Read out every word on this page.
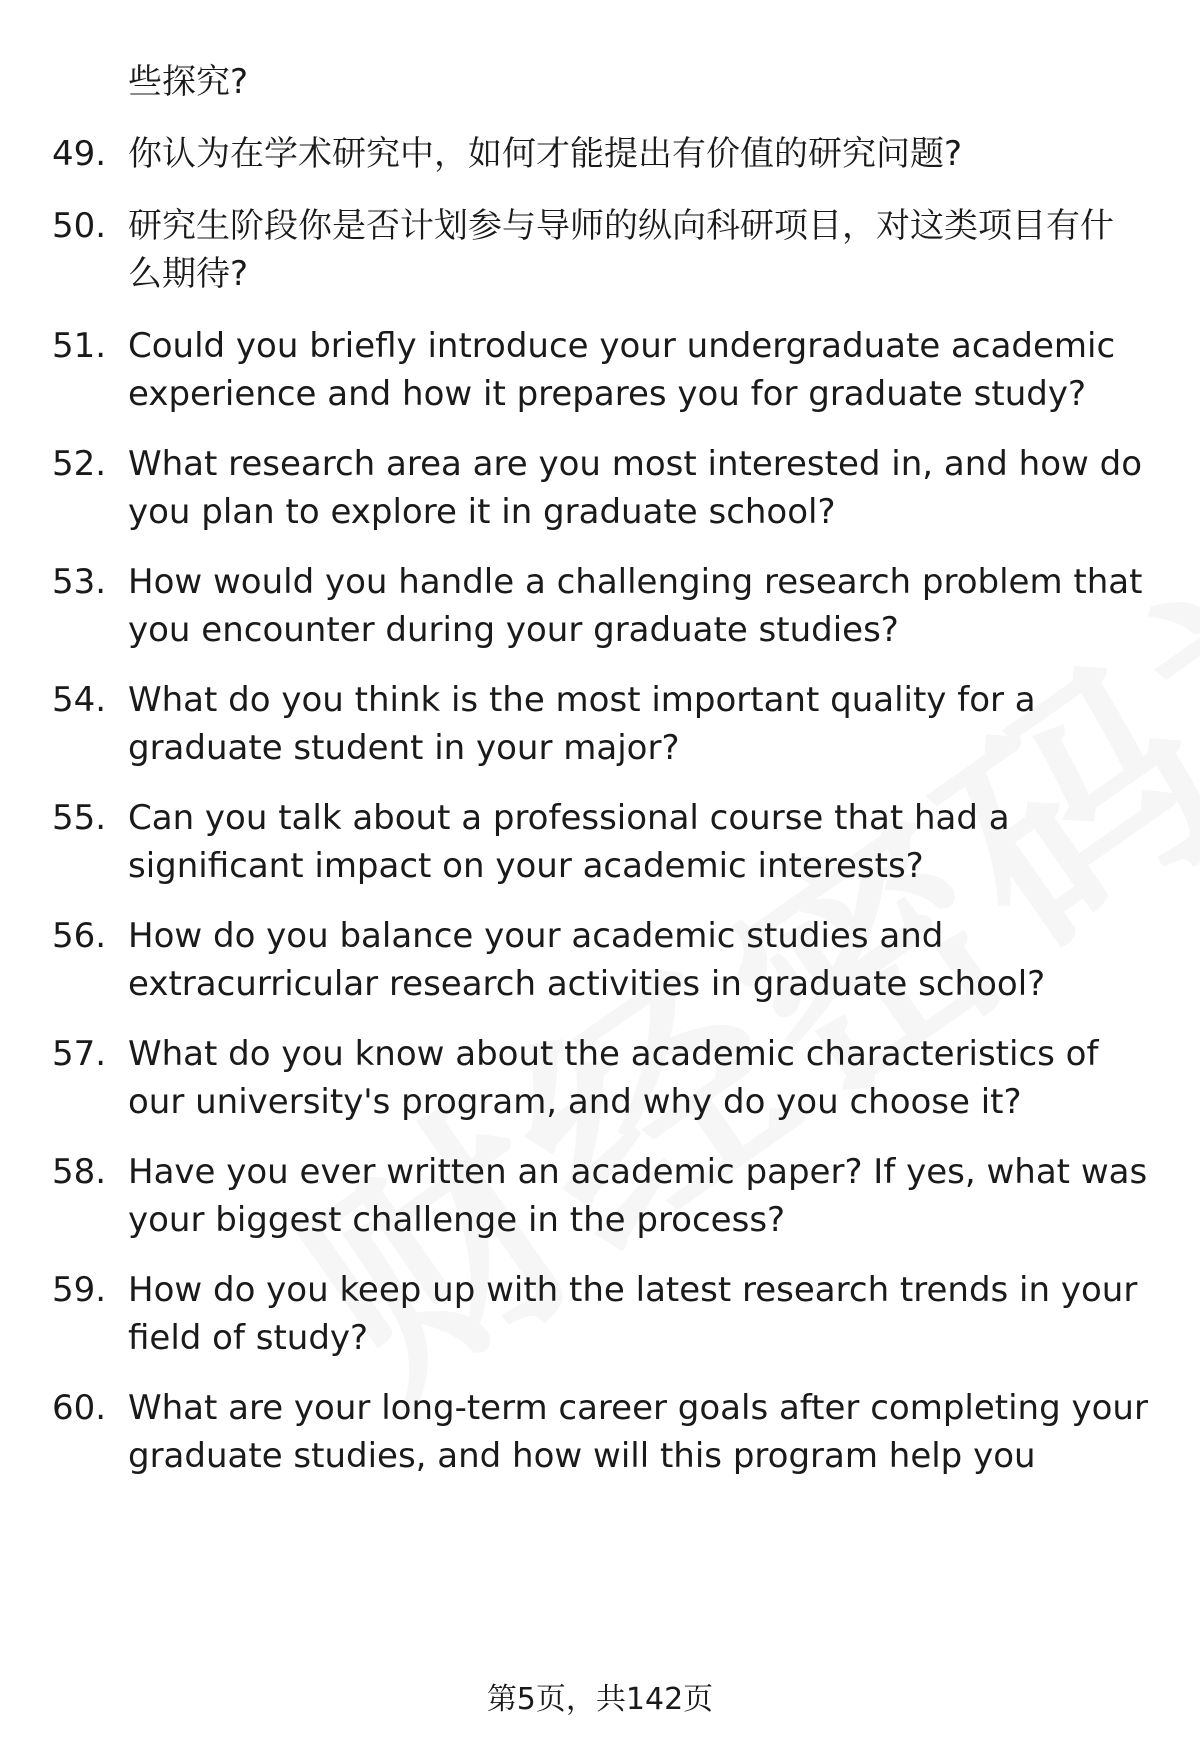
些探究?
49. 你认为在学术研究中，如何才能提出有价值的研究问题?
50. 研究生阶段你是否计划参与导师的纵向科研项目，对这类项目有什么期待?
51. Could you briefly introduce your undergraduate academic experience and how it prepares you for graduate study?
52. What research area are you most interested in, and how do you plan to explore it in graduate school?
53. How would you handle a challenging research problem that you encounter during your graduate studies?
54. What do you think is the most important quality for a graduate student in your major?
55. Can you talk about a professional course that had a significant impact on your academic interests?
56. How do you balance your academic studies and extracurricular research activities in graduate school?
57. What do you know about the academic characteristics of our university's program, and why do you choose it?
58. Have you ever written an academic paper? If yes, what was your biggest challenge in the process?
59. How do you keep up with the latest research trends in your field of study?
60. What are your long-term career goals after completing your graduate studies, and how will this program help you
第5页，共142页
